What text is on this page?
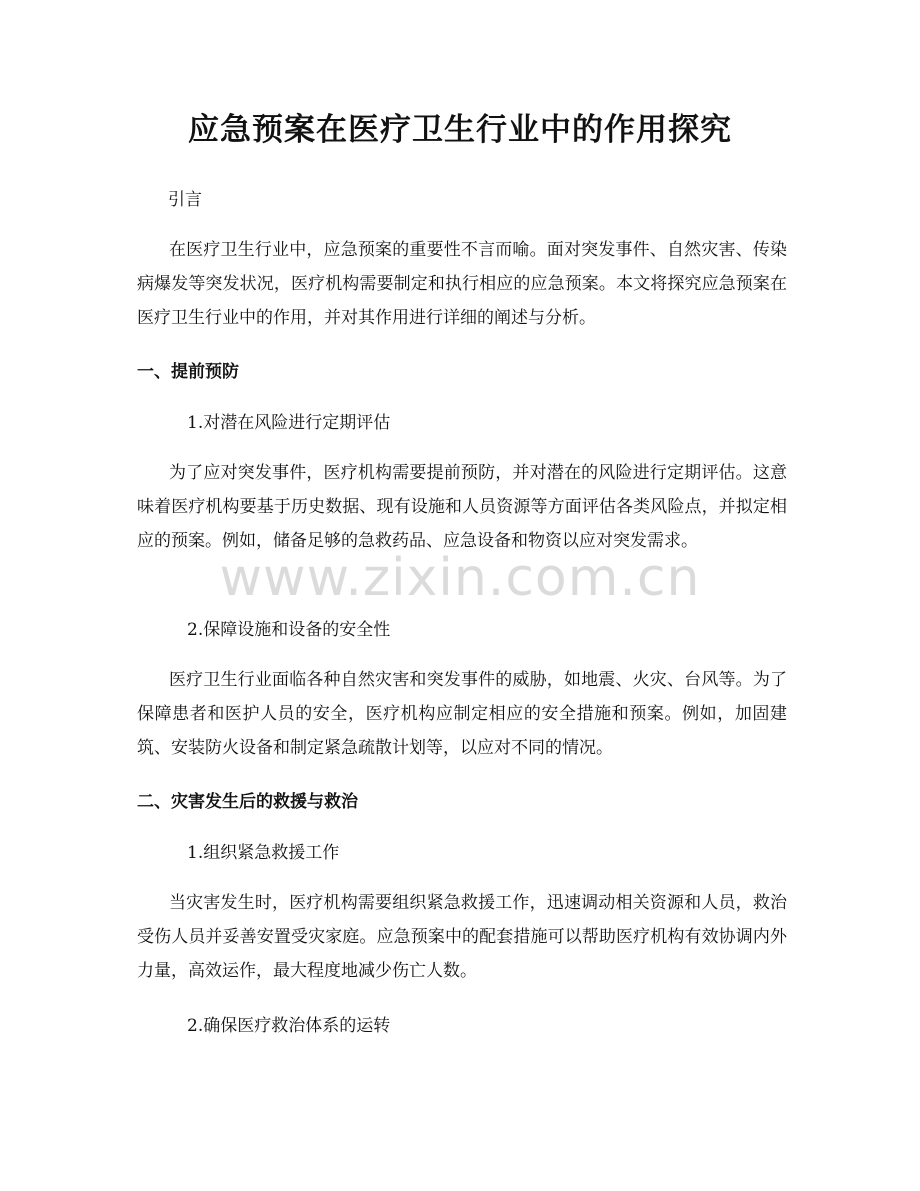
应急预案在医疗卫生行业中的作用探究
引言
在医疗卫生行业中，应急预案的重要性不言而喻。面对突发事件、自然灾害、传染病爆发等突发状况，医疗机构需要制定和执行相应的应急预案。本文将探究应急预案在医疗卫生行业中的作用，并对其作用进行详细的阐述与分析。
一、提前预防
1.对潜在风险进行定期评估
为了应对突发事件，医疗机构需要提前预防，并对潜在的风险进行定期评估。这意味着医疗机构要基于历史数据、现有设施和人员资源等方面评估各类风险点，并拟定相应的预案。例如，储备足够的急救药品、应急设备和物资以应对突发需求。
2.保障设施和设备的安全性
医疗卫生行业面临各种自然灾害和突发事件的威胁，如地震、火灾、台风等。为了保障患者和医护人员的安全，医疗机构应制定相应的安全措施和预案。例如，加固建筑、安装防火设备和制定紧急疏散计划等，以应对不同的情况。
二、灾害发生后的救援与救治
1.组织紧急救援工作
当灾害发生时，医疗机构需要组织紧急救援工作，迅速调动相关资源和人员，救治受伤人员并妥善安置受灾家庭。应急预案中的配套措施可以帮助医疗机构有效协调内外力量，高效运作，最大程度地减少伤亡人数。
2.确保医疗救治体系的运转
www.zixin.com.cn
